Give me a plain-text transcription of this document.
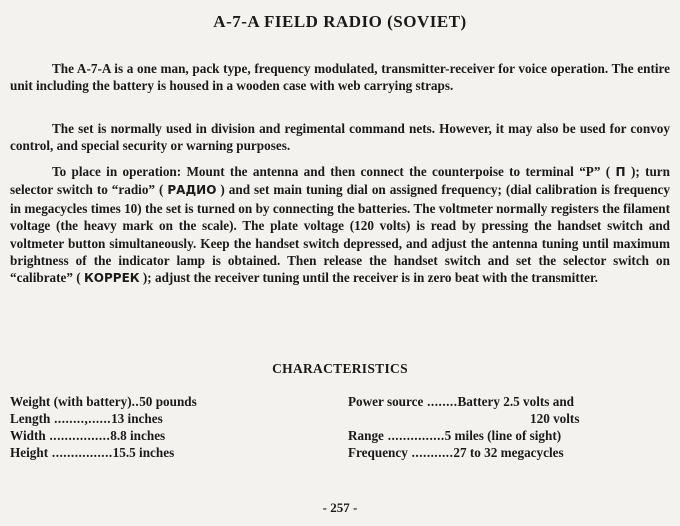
A-7-A FIELD RADIO (SOVIET)

The A-7-A is a one man, pack type, frequency modulated, transmitter-receiver for voice operation. The entire unit including the battery is housed in a wooden case with web carrying straps.

The set is normally used in division and regimental command nets. However, it may also be used for convoy control, and special security or warning purposes.

To place in operation: Mount the antenna and then connect the counterpoise to terminal “P” ( П ); turn selector switch to “radio” ( РАДИО ) and set main tuning dial on assigned frequency; (dial calibration is frequency in megacycles times 10) the set is turned on by connecting the batteries. The voltmeter normally registers the filament voltage (the heavy mark on the scale). The plate voltage (120 volts) is read by pressing the handset switch and voltmeter button simultaneously. Keep the handset switch depressed, and adjust the antenna tuning until maximum brightness of the indicator lamp is obtained. Then release the handset switch and set the selector switch on “calibrate” ( КОРРЕК ); adjust the receiver tuning until the receiver is in zero beat with the transmitter.

CHARACTERISTICS
Weight (with battery)..50 pounds
Length ........,......13 inches
Width ................8.8 inches
Height ................15.5 inches
Power source ........Battery 2.5 volts and
120 volts
Range ...............5 miles (line of sight)
Frequency ...........27 to 32 megacycles
- 257 -
